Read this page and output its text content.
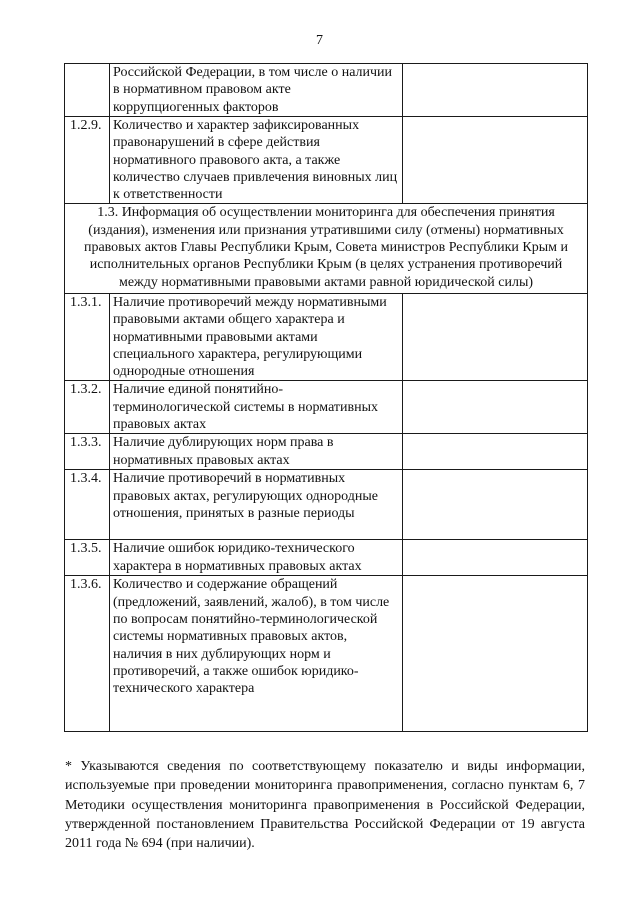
7
	Российской Федерации, в том числе о наличии в нормативном правовом акте коррупциогенных факторов	
1.2.9.	Количество и характер зафиксированных правонарушений в сфере действия нормативного правового акта, а также количество случаев привлечения виновных лиц к ответственности	
1.3. Информация об осуществлении мониторинга для обеспечения принятия (издания), изменения или признания утратившими силу (отмены) нормативных правовых актов Главы Республики Крым, Совета министров Республики Крым и исполнительных органов Республики Крым (в целях устранения противоречий между нормативными правовыми актами равной юридической силы)		
1.3.1.	Наличие противоречий между нормативными правовыми актами общего характера и нормативными правовыми актами специального характера, регулирующими однородные отношения	
1.3.2.	Наличие единой понятийно-терминологической системы в нормативных правовых актах	
1.3.3.	Наличие дублирующих норм права в нормативных правовых актах	
1.3.4.	Наличие противоречий в нормативных правовых актах, регулирующих однородные отношения, принятых в разные периоды	
1.3.5.	Наличие ошибок юридико-технического характера в нормативных правовых актах	
1.3.6.	Количество и содержание обращений (предложений, заявлений, жалоб), в том числе по вопросам понятийно-терминологической системы нормативных правовых актов, наличия в них дублирующих норм и противоречий, а также ошибок юридико-технического характера	

* Указываются сведения по соответствующему показателю и виды информации, используемые при проведении мониторинга правоприменения, согласно пунктам 6, 7 Методики осуществления мониторинга правоприменения в Российской Федерации, утвержденной постановлением Правительства Российской Федерации от 19 августа 2011 года № 694 (при наличии).
